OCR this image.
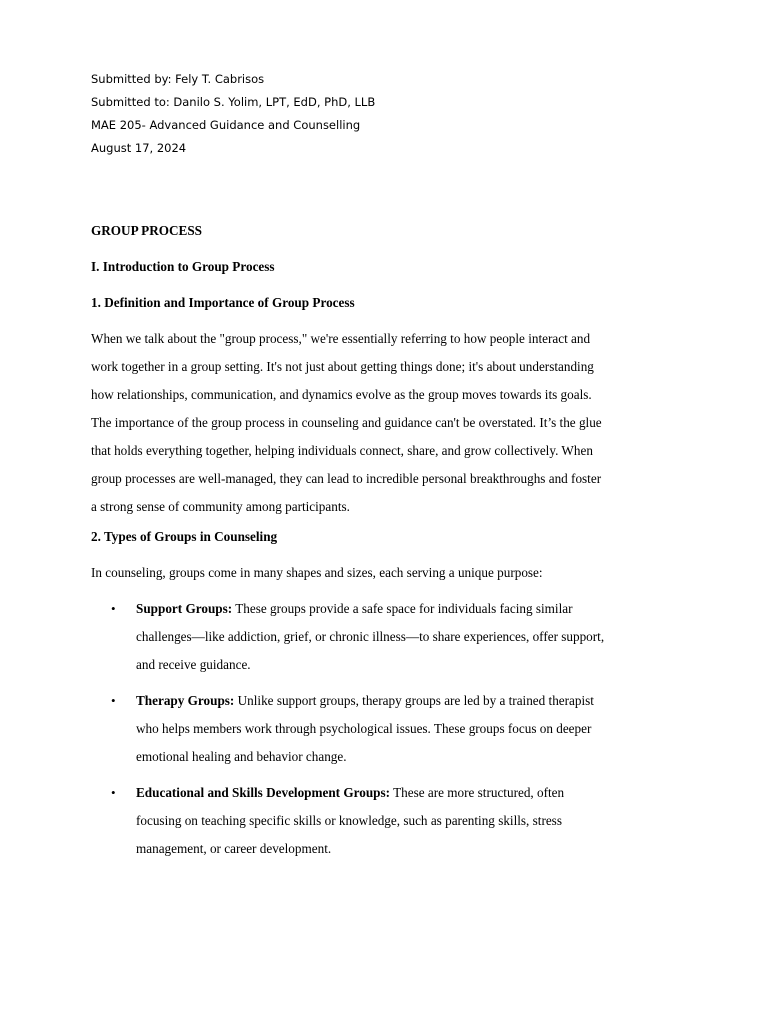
Submitted by: Fely T. Cabrisos
Submitted to: Danilo S. Yolim, LPT, EdD, PhD, LLB
MAE 205- Advanced Guidance and Counselling
August 17, 2024
GROUP PROCESS
I. Introduction to Group Process
1. Definition and Importance of Group Process
When we talk about the "group process," we're essentially referring to how people interact and
work together in a group setting. It's not just about getting things done; it's about understanding
how relationships, communication, and dynamics evolve as the group moves towards its goals.
The importance of the group process in counseling and guidance can't be overstated. It’s the glue
that holds everything together, helping individuals connect, share, and grow collectively. When
group processes are well-managed, they can lead to incredible personal breakthroughs and foster
a strong sense of community among participants.
2. Types of Groups in Counseling
In counseling, groups come in many shapes and sizes, each serving a unique purpose:
• Support Groups: These groups provide a safe space for individuals facing similar
challenges—like addiction, grief, or chronic illness—to share experiences, offer support,
and receive guidance.
• Therapy Groups: Unlike support groups, therapy groups are led by a trained therapist
who helps members work through psychological issues. These groups focus on deeper
emotional healing and behavior change.
• Educational and Skills Development Groups: These are more structured, often
focusing on teaching specific skills or knowledge, such as parenting skills, stress
management, or career development.
